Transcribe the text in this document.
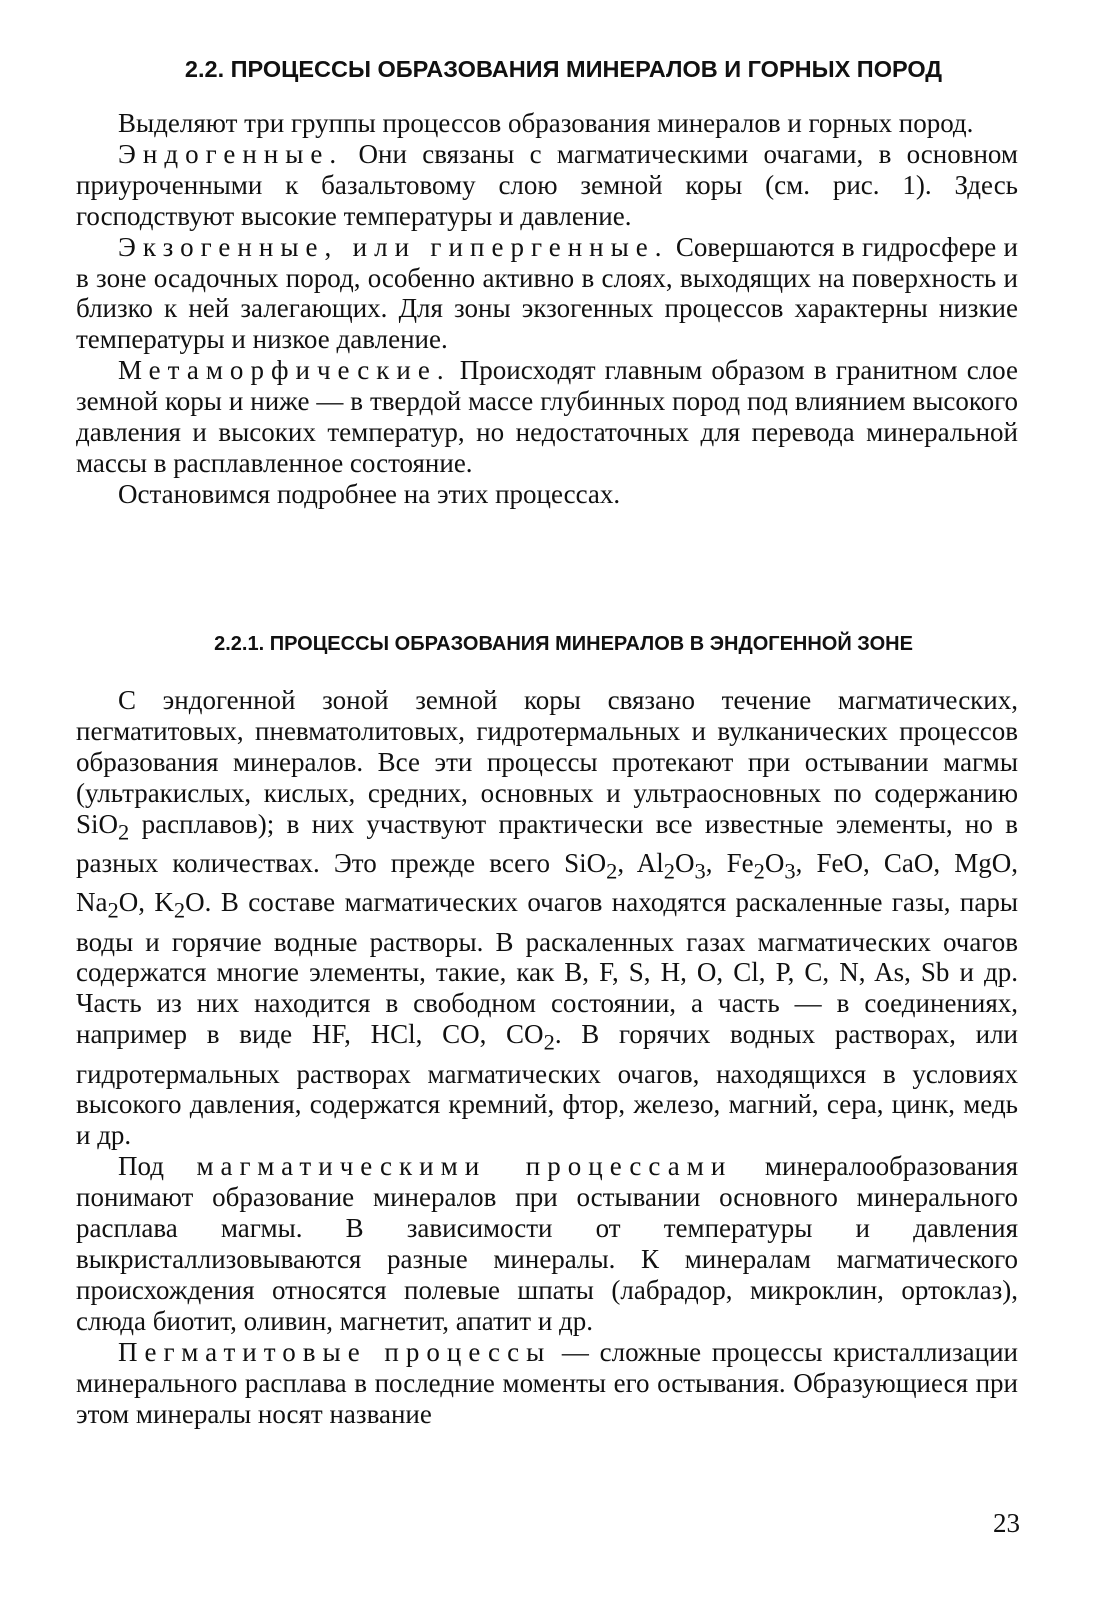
2.2. ПРОЦЕССЫ ОБРАЗОВАНИЯ МИНЕРАЛОВ И ГОРНЫХ ПОРОД

Выделяют три группы процессов образования минералов и горных пород.

Эндогенные. Они связаны с магматическими очагами, в основном приуроченными к базальтовому слою земной коры (см. рис. 1). Здесь господствуют высокие температуры и давление.

Экзогенные, или гипергенные. Совершаются в гидросфере и в зоне осадочных пород, особенно активно в слоях, выходящих на поверхность и близко к ней залегающих. Для зоны экзогенных процессов характерны низкие температуры и низкое давление.

Метаморфические. Происходят главным образом в гранитном слое земной коры и ниже — в твердой массе глубинных пород под влиянием высокого давления и высоких температур, но недостаточных для перевода минеральной массы в расплавленное состояние.

Остановимся подробнее на этих процессах.

2.2.1. ПРОЦЕССЫ ОБРАЗОВАНИЯ МИНЕРАЛОВ В ЭНДОГЕННОЙ ЗОНЕ

С эндогенной зоной земной коры связано течение магматических, пегматитовых, пневматолитовых, гидротермальных и вулканических процессов образования минералов. Все эти процессы протекают при остывании магмы (ультракислых, кислых, средних, основных и ультраосновных по содержанию SiO$_2$ расплавов); в них участвуют практически все известные элементы, но в разных количествах. Это прежде всего SiO$_2$, $Al_2O_3$, $Fe_2O_3$, FeO, CaO, MgO, $Na_2O$, $K_2O$. В составе магматических очагов находятся раскаленные газы, пары воды и горячие водные растворы. В раскаленных газах магматических очагов содержатся многие элементы, такие, как B, F, S, H, O, Cl, P, C, N, As, Sb и др. Часть из них находится в свободном состоянии, а часть — в соединениях, например в виде HF, HCl, CO, $CO_2$. В горячих водных растворах, или гидротермальных растворах магматических очагов, находящихся в условиях высокого давления, содержатся кремний, фтор, железо, магний, сера, цинк, медь и др.

Под магматическими процессами минералообразования понимают образование минералов при остывании основного минерального расплава магмы. В зависимости от температуры и давления выкристаллизовываются разные минералы. К минералам магматического происхождения относятся полевые шпаты (лабрадор, микроклин, ортоклаз), слюда биотит, оливин, магнетит, апатит и др.

Пегматитовые процессы — сложные процессы кристаллизации минерального расплава в последние моменты его остывания. Образующиеся при этом минералы носят название

23
